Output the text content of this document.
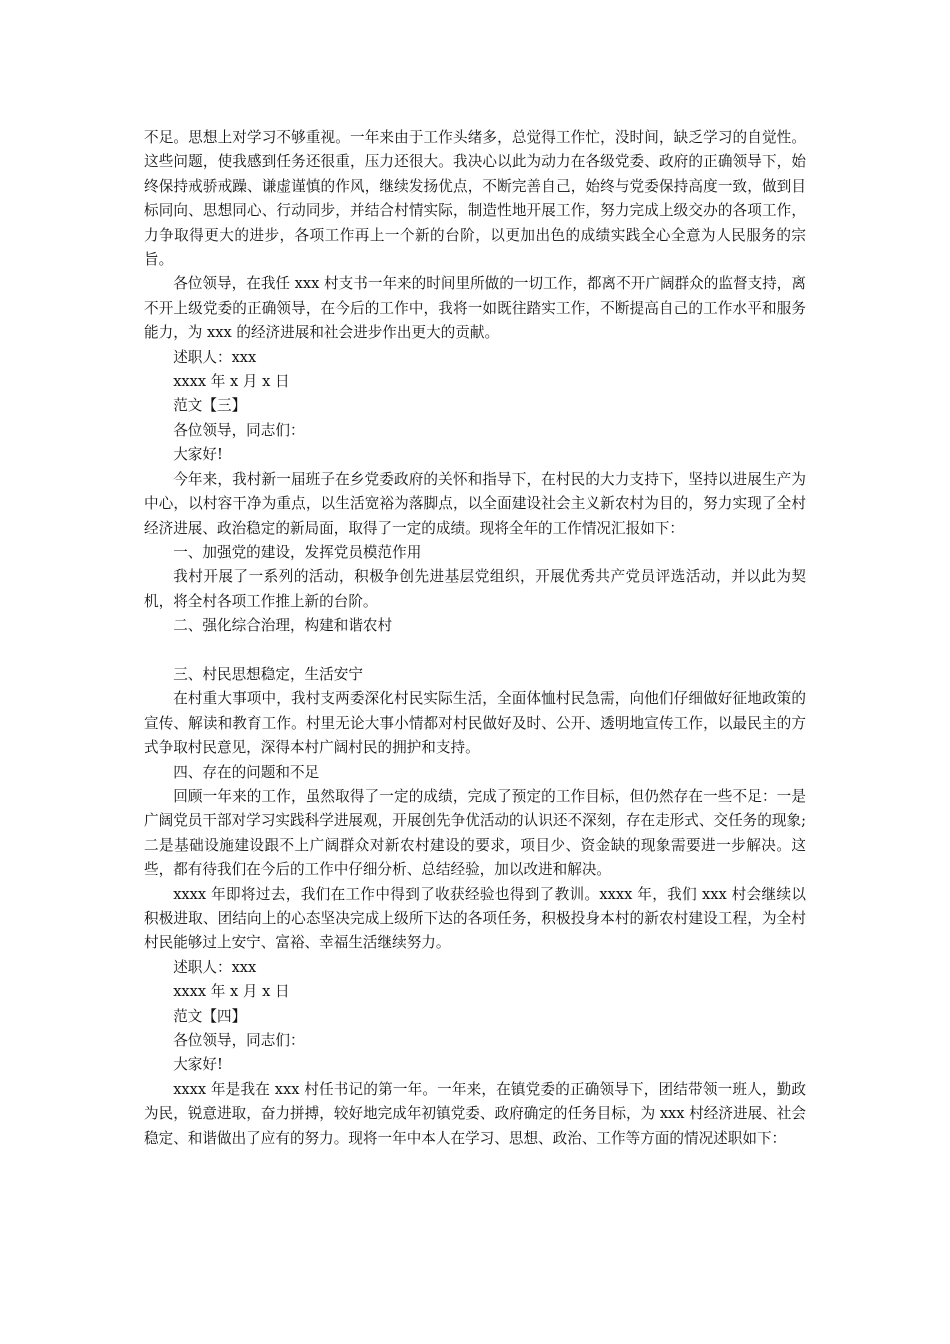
不足。思想上对学习不够重视。一年来由于工作头绪多，总觉得工作忙，没时间，缺乏学习的自觉性。这些问题，使我感到任务还很重，压力还很大。我决心以此为动力在各级党委、政府的正确领导下，始终保持戒骄戒躁、谦虚谨慎的作风，继续发扬优点，不断完善自己，始终与党委保持高度一致，做到目标同向、思想同心、行动同步，并结合村情实际，制造性地开展工作，努力完成上级交办的各项工作，力争取得更大的进步，各项工作再上一个新的台阶，以更加出色的成绩实践全心全意为人民服务的宗旨。

各位领导，在我任 xxx 村支书一年来的时间里所做的一切工作，都离不开广阔群众的监督支持，离不开上级党委的正确领导，在今后的工作中，我将一如既往踏实工作，不断提高自己的工作水平和服务能力，为 xxx 的经济进展和社会进步作出更大的贡献。

述职人：xxx

xxxx 年 x 月 x 日

范文【三】

各位领导，同志们：

大家好!

今年来，我村新一届班子在乡党委政府的关怀和指导下，在村民的大力支持下，坚持以进展生产为中心，以村容干净为重点，以生活宽裕为落脚点，以全面建设社会主义新农村为目的，努力实现了全村经济进展、政治稳定的新局面，取得了一定的成绩。现将全年的工作情况汇报如下：

一、加强党的建设，发挥党员模范作用

我村开展了一系列的活动，积极争创先进基层党组织，开展优秀共产党员评选活动，并以此为契机，将全村各项工作推上新的台阶。

二、强化综合治理，构建和谐农村

三、村民思想稳定，生活安宁

在村重大事项中，我村支两委深化村民实际生活，全面体恤村民急需，向他们仔细做好征地政策的宣传、解读和教育工作。村里无论大事小情都对村民做好及时、公开、透明地宣传工作，以最民主的方式争取村民意见，深得本村广阔村民的拥护和支持。

四、存在的问题和不足

回顾一年来的工作，虽然取得了一定的成绩，完成了预定的工作目标，但仍然存在一些不足：一是广阔党员干部对学习实践科学进展观，开展创先争优活动的认识还不深刻，存在走形式、交任务的现象;二是基础设施建设跟不上广阔群众对新农村建设的要求，项目少、资金缺的现象需要进一步解决。这些，都有待我们在今后的工作中仔细分析、总结经验，加以改进和解决。

xxxx 年即将过去，我们在工作中得到了收获经验也得到了教训。xxxx 年，我们 xxx 村会继续以积极进取、团结向上的心态坚决完成上级所下达的各项任务，积极投身本村的新农村建设工程，为全村村民能够过上安宁、富裕、幸福生活继续努力。

述职人：xxx

xxxx 年 x 月 x 日

范文【四】

各位领导，同志们：

大家好!

xxxx 年是我在 xxx 村任书记的第一年。一年来，在镇党委的正确领导下，团结带领一班人，勤政为民，锐意进取，奋力拼搏，较好地完成年初镇党委、政府确定的任务目标，为 xxx 村经济进展、社会稳定、和谐做出了应有的努力。现将一年中本人在学习、思想、政治、工作等方面的情况述职如下：
